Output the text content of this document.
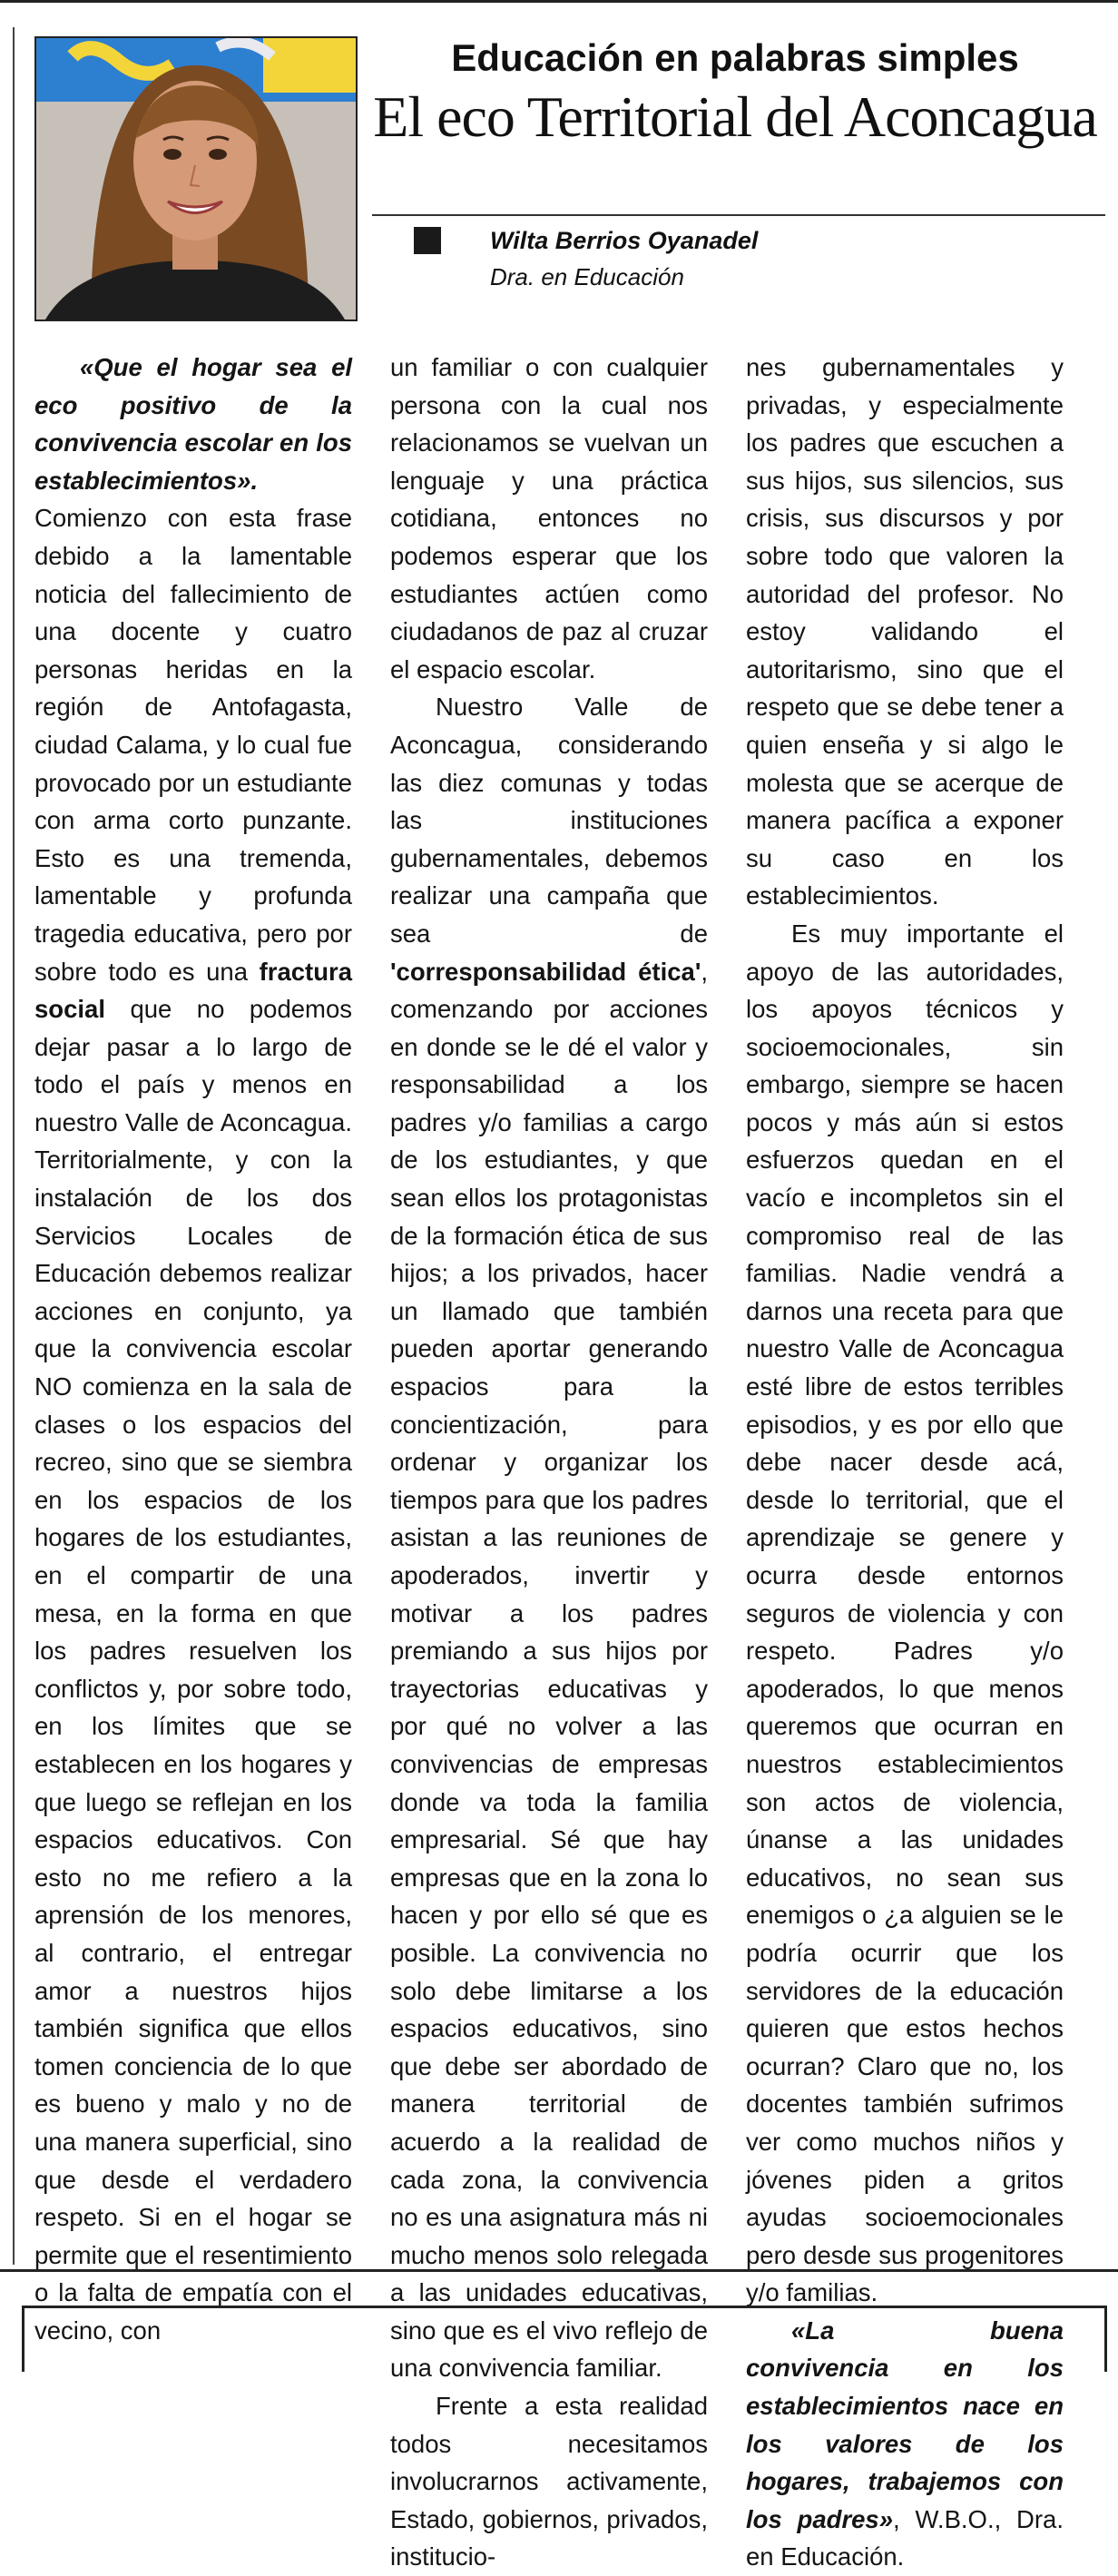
Educación en palabras simples
El eco Territorial del Aconcagua
Wilta Berrios Oyanadel
Dra. en Educación

«Que el hogar sea el eco positivo de la convivencia escolar en los establecimientos». Comienzo con esta frase debido a la lamentable noticia del fallecimiento de una docente y cuatro personas heridas en la región de Antofagasta, ciudad Calama, y lo cual fue provocado por un estudiante con arma corto punzante. Esto es una tremenda, lamentable y profunda tragedia educativa, pero por sobre todo es una fractura social que no podemos dejar pasar a lo largo de todo el país y menos en nuestro Valle de Aconcagua. Territorialmente, y con la instalación de los dos Servicios Locales de Educación debemos realizar acciones en conjunto, ya que la convivencia escolar NO comienza en la sala de clases o los espacios del recreo, sino que se siembra en los espacios de los hogares de los estudiantes, en el compartir de una mesa, en la forma en que los padres resuelven los conflictos y, por sobre todo, en los límites que se establecen en los hogares y que luego se reflejan en los espacios educativos. Con esto no me refiero a la aprensión de los menores, al contrario, el entregar amor a nuestros hijos también significa que ellos tomen conciencia de lo que es bueno y malo y no de una manera superficial, sino que desde el verdadero respeto. Si en el hogar se permite que el resentimiento o la falta de empatía con el vecino, con

un familiar o con cualquier persona con la cual nos relacionamos se vuelvan un lenguaje y una práctica cotidiana, entonces no podemos esperar que los estudiantes actúen como ciudadanos de paz al cruzar el espacio escolar.

Nuestro Valle de Aconcagua, considerando las diez comunas y todas las instituciones gubernamentales, debemos realizar una campaña que sea de 'corresponsabilidad ética', comenzando por acciones en donde se le dé el valor y responsabilidad a los padres y/o familias a cargo de los estudiantes, y que sean ellos los protagonistas de la formación ética de sus hijos; a los privados, hacer un llamado que también pueden aportar generando espacios para la concientización, para ordenar y organizar los tiempos para que los padres asistan a las reuniones de apoderados, invertir y motivar a los padres premiando a sus hijos por trayectorias educativas y por qué no volver a las convivencias de empresas donde va toda la familia empresarial. Sé que hay empresas que en la zona lo hacen y por ello sé que es posible. La convivencia no solo debe limitarse a los espacios educativos, sino que debe ser abordado de manera territorial de acuerdo a la realidad de cada zona, la convivencia no es una asignatura más ni mucho menos solo relegada a las unidades educativas, sino que es el vivo reflejo de una convivencia familiar.

Frente a esta realidad todos necesitamos involucrarnos activamente, Estado, gobiernos, privados, institucio-

nes gubernamentales y privadas, y especialmente los padres que escuchen a sus hijos, sus silencios, sus crisis, sus discursos y por sobre todo que valoren la autoridad del profesor. No estoy validando el autoritarismo, sino que el respeto que se debe tener a quien enseña y si algo le molesta que se acerque de manera pacífica a exponer su caso en los establecimientos.

Es muy importante el apoyo de las autoridades, los apoyos técnicos y socioemocionales, sin embargo, siempre se hacen pocos y más aún si estos esfuerzos quedan en el vacío e incompletos sin el compromiso real de las familias. Nadie vendrá a darnos una receta para que nuestro Valle de Aconcagua esté libre de estos terribles episodios, y es por ello que debe nacer desde acá, desde lo territorial, que el aprendizaje se genere y ocurra desde entornos seguros de violencia y con respeto. Padres y/o apoderados, lo que menos queremos que ocurran en nuestros establecimientos son actos de violencia, únanse a las unidades educativos, no sean sus enemigos o ¿a alguien se le podría ocurrir que los servidores de la educación quieren que estos hechos ocurran? Claro que no, los docentes también sufrimos ver como muchos niños y jóvenes piden a gritos ayudas socioemocionales pero desde sus progenitores y/o familias.

«La buena convivencia en los establecimientos nace en los valores de los hogares, trabajemos con los padres», W.B.O., Dra. en Educación.
